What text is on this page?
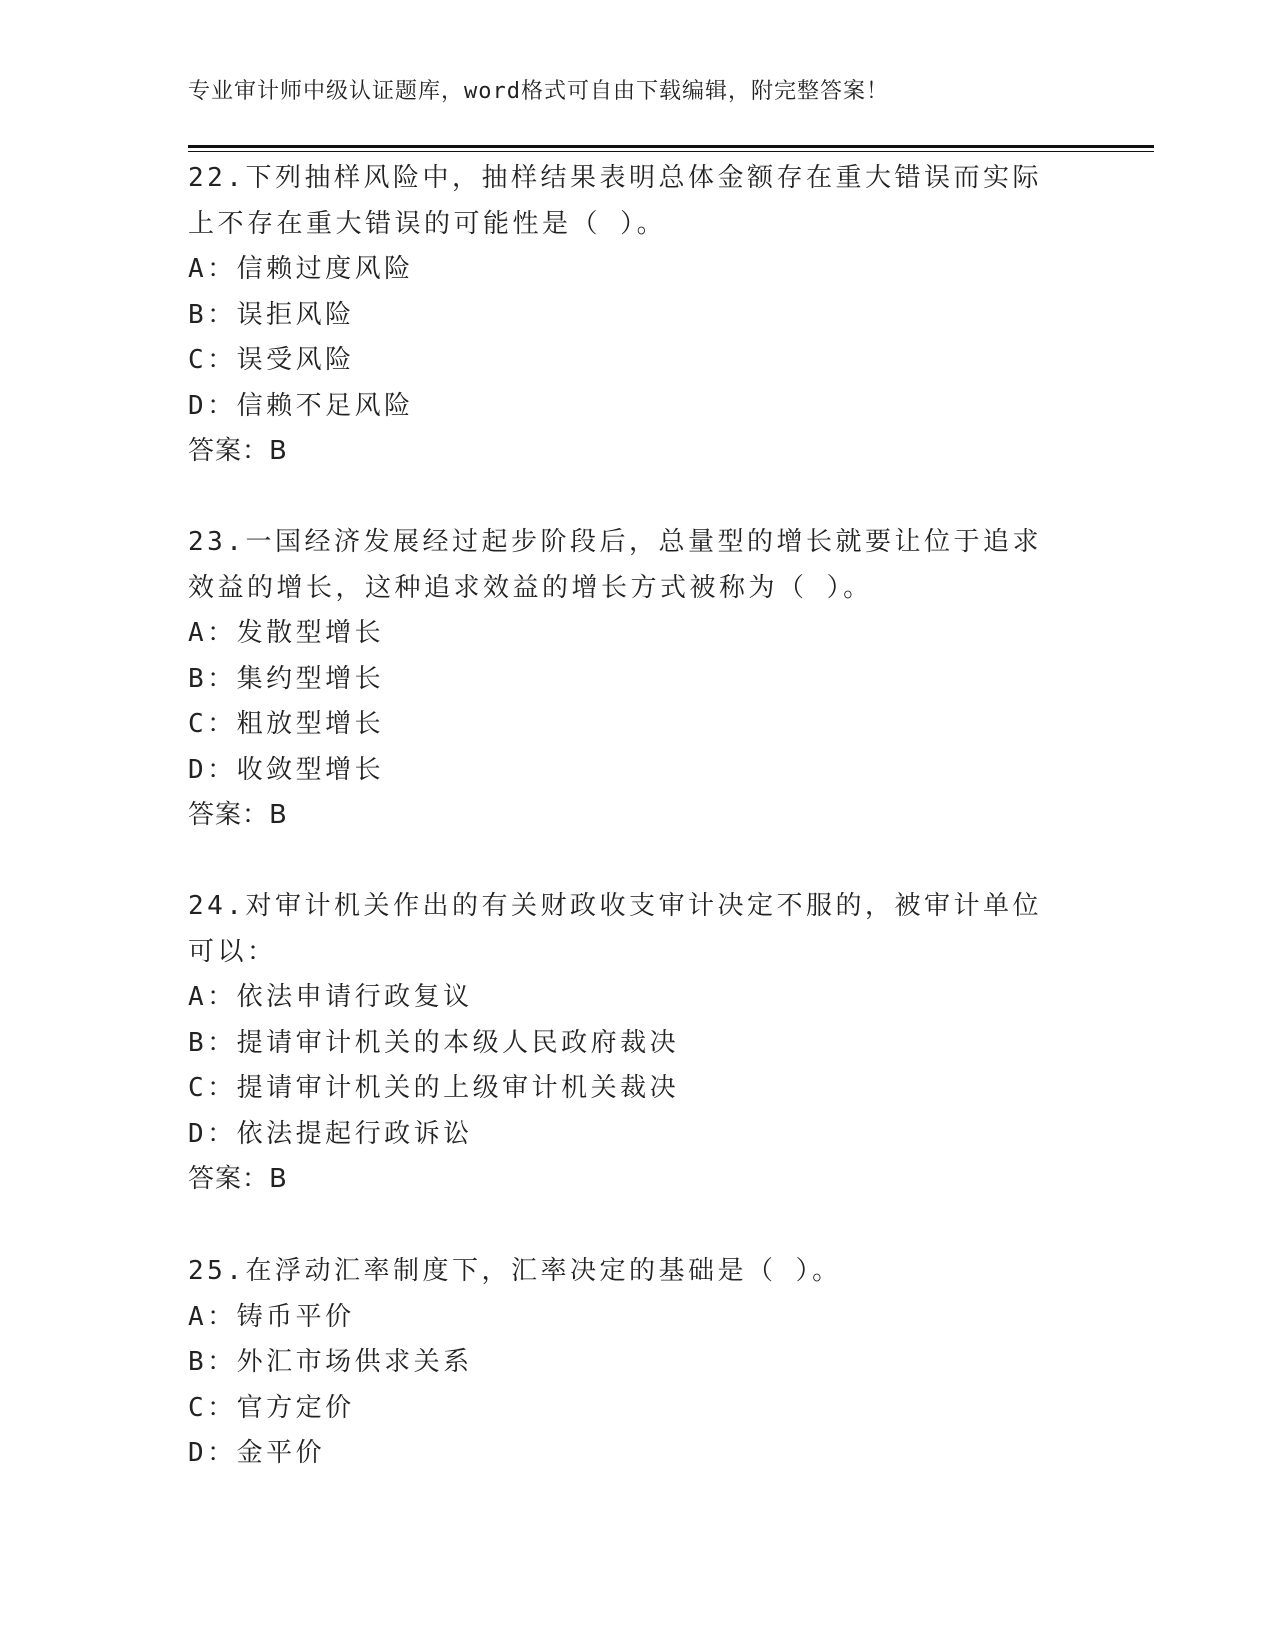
专业审计师中级认证题库，word格式可自由下载编辑，附完整答案！
22.下列抽样风险中，抽样结果表明总体金额存在重大错误而实际上不存在重大错误的可能性是（ ）。
A：信赖过度风险
B：误拒风险
C：误受风险
D：信赖不足风险
答案：B
23.一国经济发展经过起步阶段后，总量型的增长就要让位于追求效益的增长，这种追求效益的增长方式被称为（ ）。
A：发散型增长
B：集约型增长
C：粗放型增长
D：收敛型增长
答案：B
24.对审计机关作出的有关财政收支审计决定不服的，被审计单位可以：
A：依法申请行政复议
B：提请审计机关的本级人民政府裁决
C：提请审计机关的上级审计机关裁决
D：依法提起行政诉讼
答案：B
25.在浮动汇率制度下，汇率决定的基础是（ ）。
A：铸币平价
B：外汇市场供求关系
C：官方定价
D：金平价
